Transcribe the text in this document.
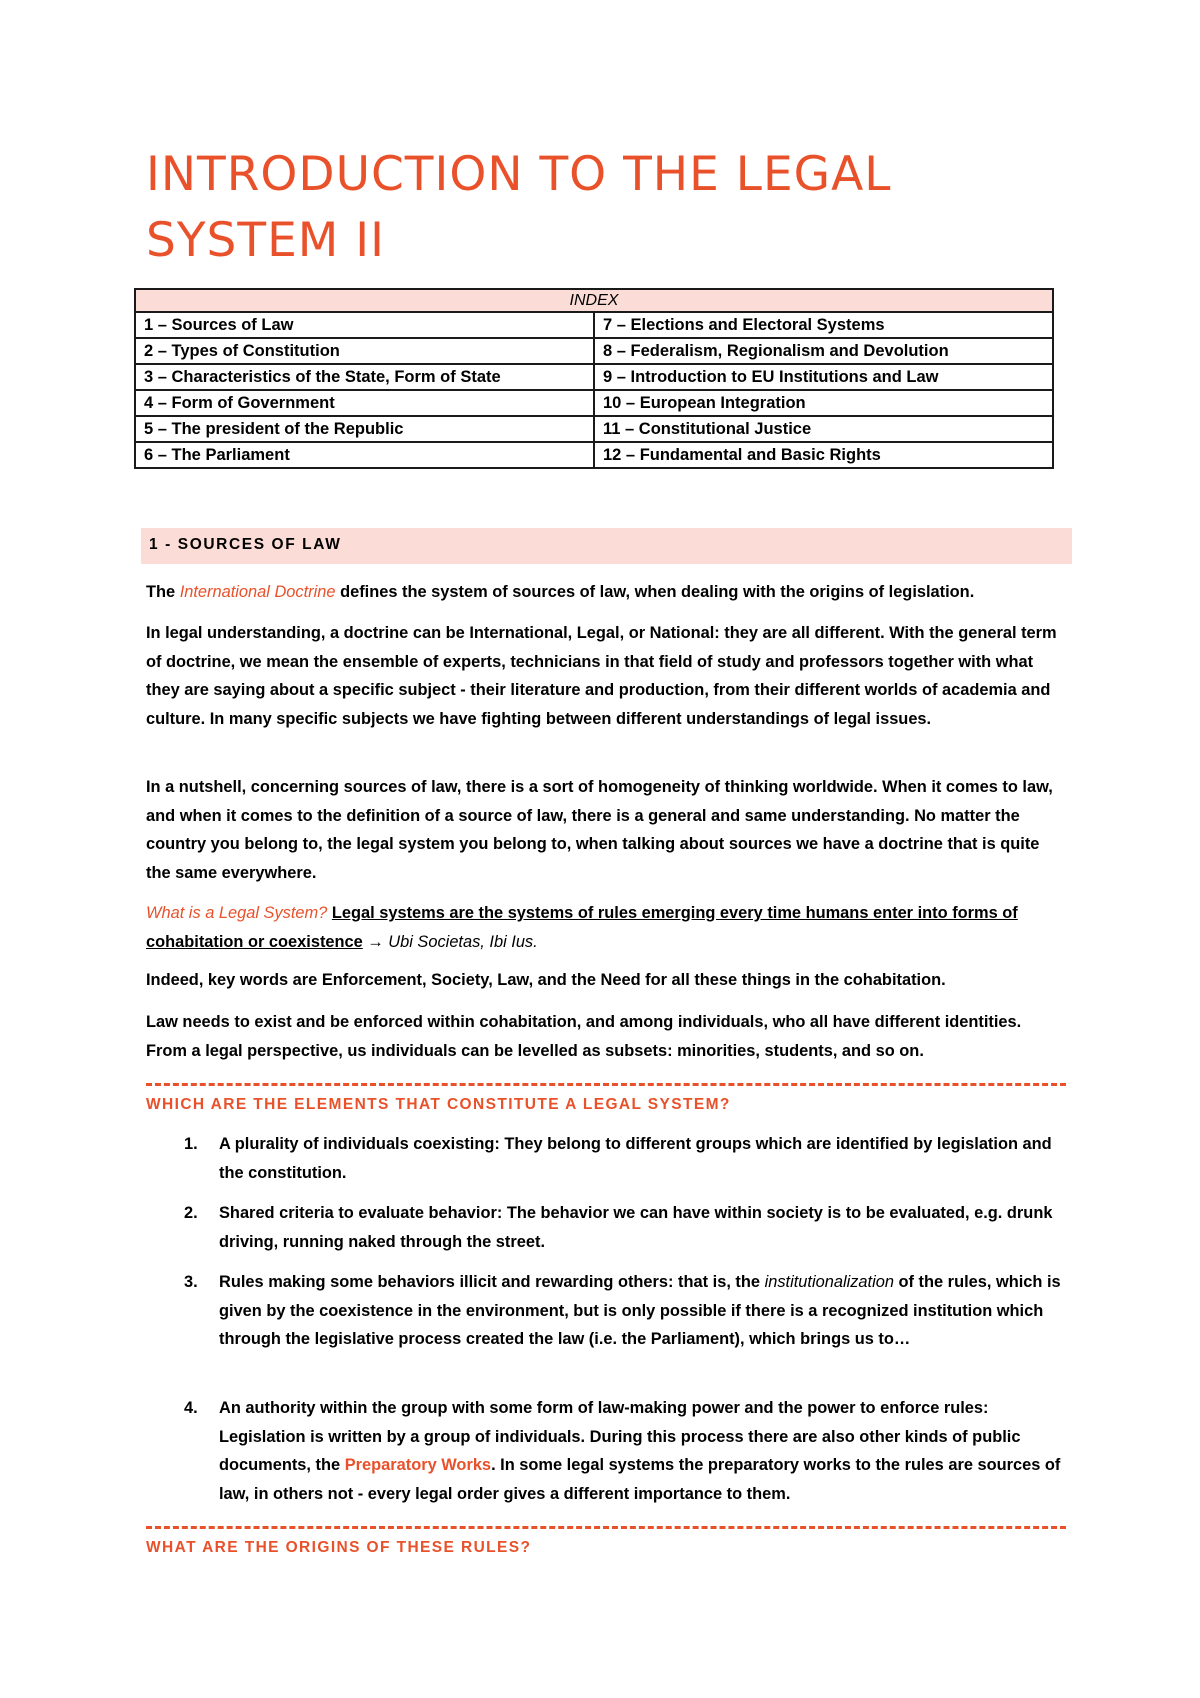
INTRODUCTION TO THE LEGAL SYSTEM II
INDEX	
1 – Sources of Law	7 – Elections and Electoral Systems
2 – Types of Constitution	8 – Federalism, Regionalism and Devolution
3 – Characteristics of the State, Form of State	9 – Introduction to EU Institutions and Law
4 – Form of Government	10 – European Integration
5 – The president of the Republic	11 – Constitutional Justice
6 – The Parliament	12 – Fundamental and Basic Rights
1 - SOURCES OF LAW

The International Doctrine defines the system of sources of law, when dealing with the origins of legislation.

In legal understanding, a doctrine can be International, Legal, or National: they are all different. With the general term of doctrine, we mean the ensemble of experts, technicians in that field of study and professors together with what they are saying about a specific subject - their literature and production, from their different worlds of academia and culture. In many specific subjects we have fighting between different understandings of legal issues.

In a nutshell, concerning sources of law, there is a sort of homogeneity of thinking worldwide. When it comes to law, and when it comes to the definition of a source of law, there is a general and same understanding. No matter the country you belong to, the legal system you belong to, when talking about sources we have a doctrine that is quite the same everywhere.

What is a Legal System? Legal systems are the systems of rules emerging every time humans enter into forms of cohabitation or coexistence → Ubi Societas, Ibi Ius.

Indeed, key words are Enforcement, Society, Law, and the Need for all these things in the cohabitation.

Law needs to exist and be enforced within cohabitation, and among individuals, who all have different identities. From a legal perspective, us individuals can be levelled as subsets: minorities, students, and so on.

WHICH ARE THE ELEMENTS THAT CONSTITUTE A LEGAL SYSTEM?
1. A plurality of individuals coexisting: They belong to different groups which are identified by legislation and the constitution.

2. Shared criteria to evaluate behavior: The behavior we can have within society is to be evaluated, e.g. drunk driving, running naked through the street.

3. Rules making some behaviors illicit and rewarding others: that is, the institutionalization of the rules, which is given by the coexistence in the environment, but is only possible if there is a recognized institution which through the legislative process created the law (i.e. the Parliament), which brings us to…

4. An authority within the group with some form of law-making power and the power to enforce rules: Legislation is written by a group of individuals. During this process there are also other kinds of public documents, the Preparatory Works. In some legal systems the preparatory works to the rules are sources of law, in others not - every legal order gives a different importance to them.

WHAT ARE THE ORIGINS OF THESE RULES?
